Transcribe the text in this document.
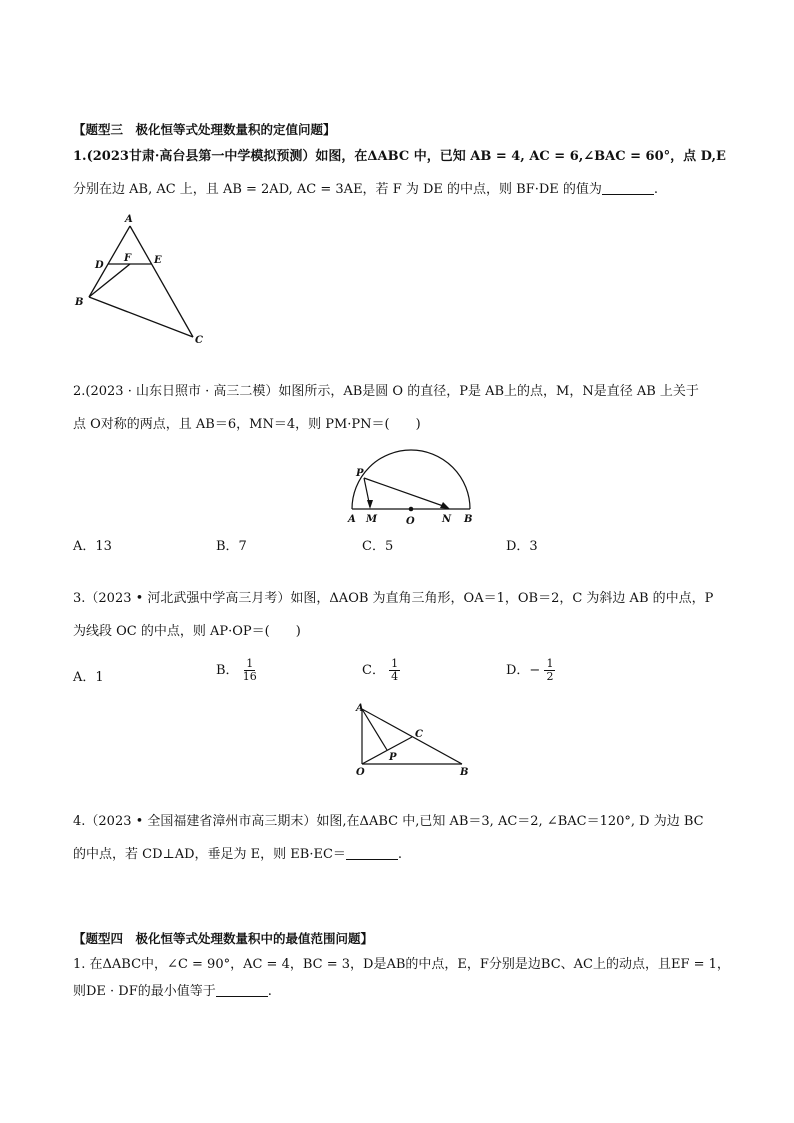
【题型三　极化恒等式处理数量积的定值问题】
1.(2023甘肃·高台县第一中学模拟预测）如图，在ΔABC 中，已知 AB = 4, AC = 6,∠BAC = 60°，点 D,E
分别在边 AB, AC 上，且 AB = 2AD, AC = 3AE，若 F 为 DE 的中点，则 BF·DE 的值为	.
A
D
F E
B
C
2.(2023 · 山东日照市 · 高三二模）如图所示，AB是圆 O 的直径，P是 AB上的点，M，N是直径 AB 上关于
点 O对称的两点，且 AB＝6，MN＝4，则 PM·PN＝(　　)
P
A M	O	N B
A．13	B．7	C．5	D．3
3.（2023 • 河北武强中学高三月考）如图，ΔAOB 为直角三角形，OA＝1，OB＝2，C 为斜边 AB 的中点，P
为线段 OC 的中点，则 AP·OP＝(　　)
A．1	B． $\frac{1}{16}$	C． $\frac{1}{4}$	D．− $\frac{1}{2}$
A
C
P
O	B
4.（2023 • 全国福建省漳州市高三期末）如图,在ΔABC 中,已知 AB＝3, AC＝2, ∠BAC＝120°, D 为边 BC
的中点，若 CD⊥AD，垂足为 E，则 EB·EC＝	.
【题型四　极化恒等式处理数量积中的最值范围问题】
1. 在ΔABC中，∠C = 90°，AC = 4，BC = 3，D是AB的中点，E，F分别是边BC、AC上的动点，且EF = 1，
则DE · DF的最小值等于	.
